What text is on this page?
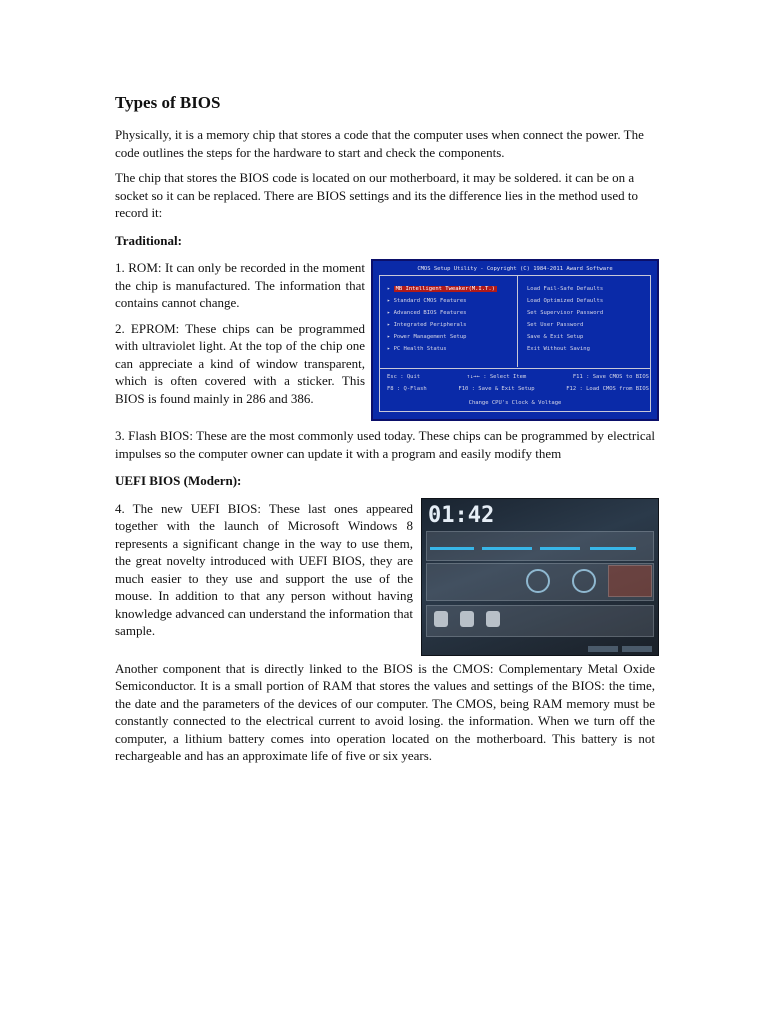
Types of BIOS

Physically, it is a memory chip that stores a code that the computer uses when connect the power. The code outlines the steps for the hardware to start and check the components.

The chip that stores the BIOS code is located on our motherboard, it may be soldered. it can be on a socket so it can be replaced. There are BIOS settings and its the difference lies in the method used to record it:

Traditional:

CMOS Setup Utility - Copyright (C) 1984-2011 Award Software
▸ MB Intelligent Tweaker(M.I.T.)
▸ Standard CMOS Features
▸ Advanced BIOS Features
▸ Integrated Peripherals
▸ Power Management Setup
▸ PC Health Status
Load Fail-Safe Defaults
Load Optimized Defaults
Set Supervisor Password
Set User Password
Save & Exit Setup
Exit Without Saving
Esc : Quit	↑↓→← : Select Item	F11 : Save CMOS to BIOS
F8 : Q-Flash	F10 : Save & Exit Setup	F12 : Load CMOS from BIOS
Change CPU's Clock & Voltage

1. ROM: It can only be recorded in the moment the chip is manufactured. The information that contains cannot change.

2. EPROM: These chips can be programmed with ultraviolet light. At the top of the chip one can appreciate a kind of window transparent, which is often covered with a sticker. This BIOS is found mainly in 286 and 386.

3. Flash BIOS: These are the most commonly used today. These chips can be programmed by electrical impulses so the computer owner can update it with a program and easily modify them

UEFI BIOS (Modern):

01:42

4. The new UEFI BIOS: These last ones appeared together with the launch of Microsoft Windows 8 represents a significant change in the way to use them, the great novelty introduced with UEFI BIOS, they are much easier to they use and support the use of the mouse. In addition to that any person without having knowledge advanced can understand the information that sample.

Another component that is directly linked to the BIOS is the CMOS: Complementary Metal Oxide Semiconductor. It is a small portion of RAM that stores the values and settings of the BIOS: the time, the date and the parameters of the devices of our computer. The CMOS, being RAM memory must be constantly connected to the electrical current to avoid losing. the information. When we turn off the computer, a lithium battery comes into operation located on the motherboard. This battery is not rechargeable and has an approximate life of five or six years.
